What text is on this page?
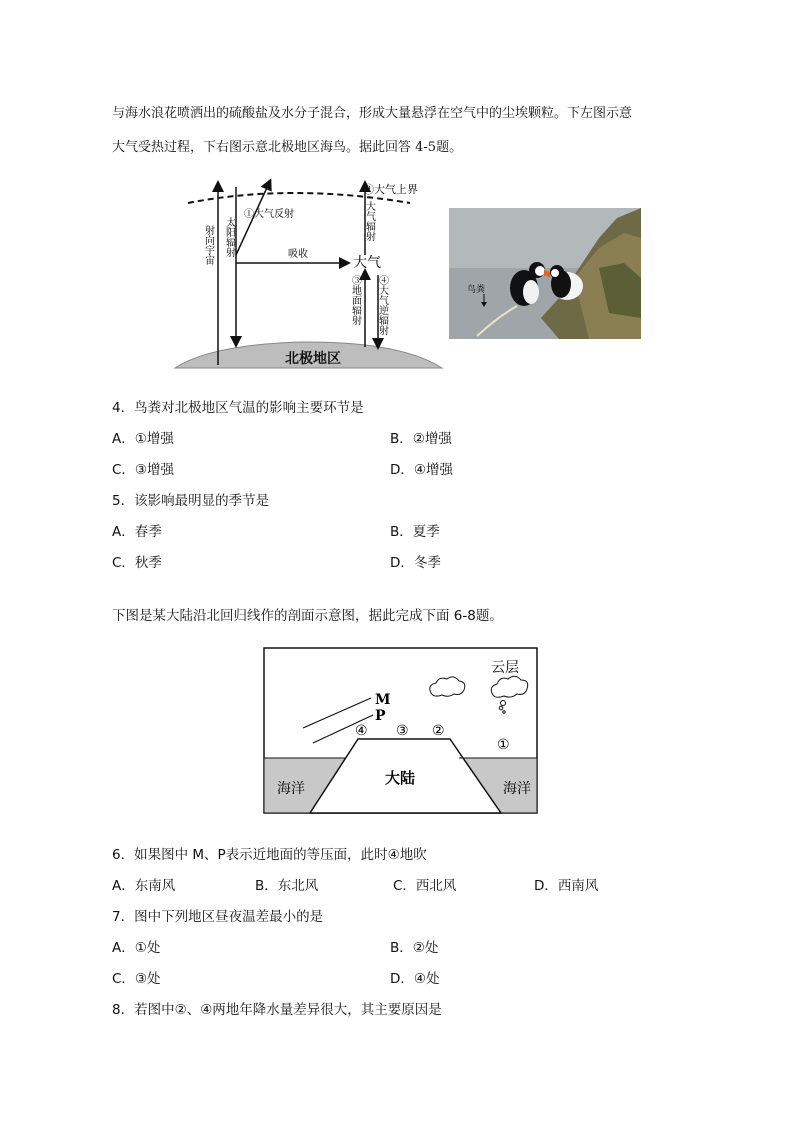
与海水浪花喷洒出的硫酸盐及水分子混合，形成大量悬浮在空气中的尘埃颗粒。下左图示意
大气受热过程，下右图示意北极地区海鸟。据此回答 4-5题。
射向宇宙 太阳辐射
①大气反射
吸收
大气
②大气上界
大气辐射
③地面辐射 ④大气逆辐射
北极地区
鸟粪
4．鸟粪对北极地区气温的影响主要环节是
A．①增强	B．②增强
C．③增强	D．④增强
5．该影响最明显的季节是
A．春季	B．夏季
C．秋季	D．冬季
下图是某大陆沿北回归线作的剖面示意图，据此完成下面 6-8题。
云层
M
P
④ ③ ②
①
大陆
海洋	海洋
6．如果图中 M、P表示近地面的等压面，此时④地吹
A．东南风	B．东北风	C．西北风	D．西南风
7．图中下列地区昼夜温差最小的是
A．①处	B．②处
C．③处	D．④处
8．若图中②、④两地年降水量差异很大，其主要原因是
